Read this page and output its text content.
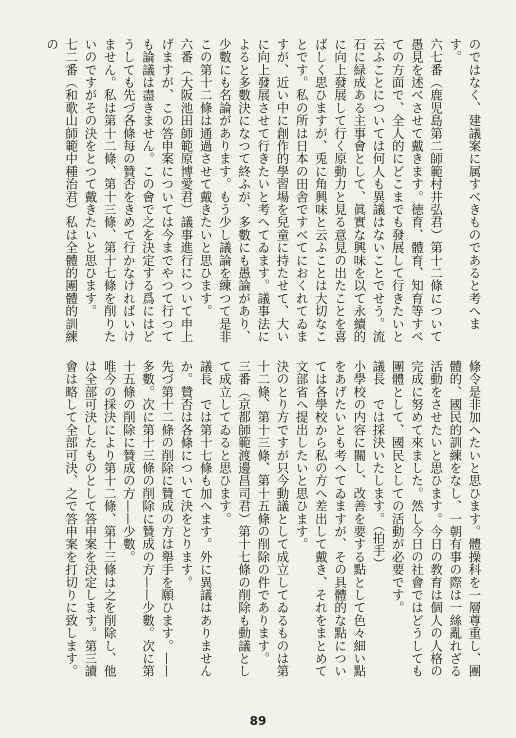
のではなく、建議案に属すべきものであると考へます。
六七番（鹿児島第二師範村井弘君）第十二條について愚見を述べさせて戴きます。徳育、體育、知育等すべての方面で、全人的にどこまでも發展して行きたいと云ふことについては何人も異議はないことでせう。流石に緑成ある主事會として、眞實な興味を以て永續的に向上發展して行く原動力と見る意見の出たことを喜ばしく思ひますが、兎に角興味と云ふことは大切なことです。私の所は日本の田舎ですべてにおくれてゐますが、近い中に創作的學習場を兒童に持たせて、大いに向上發展させて行きたいと考へてゐます。議事法によると多數決になつて終ふが、多數にも愚論があり、少數にも名論があります。もう少し議論を練つて是非この第十二條は通過させて戴きたいと思ひます。
六番（大阪池田師範原博愛君）議事進行について申上げますが、この答申案については今までやつて行つても論議は盡きません。この會で之を決定する爲にはどうしても先づ各條每の贊否をきめて行かなければいけません。私は第十二條、第十三條、第十七條を削りたいのですがその決をとつて戴きたいと思ひます。
七二番（和歌山師範中種治君）私は全體的團體的訓練の
條令是非加へたいと思ひます。體操科を一層尊重し、團體的、國民的訓練をなし、一朝有事の際は一絲亂れざる活動をさせたいと思ひます。今日の教育は個人の人格の完成に努めて來ました。然し今日の社會ではどうしても團體として、國民としての活動が必要です。
議長　では採決いたします。（拍手）
小學校の内容に關し、改善を要する點として色々細い點をあげたいとも考へてゐますが、その具體的な點については各學校から私の方へ差出して戴き、それをまとめて文部省へ提出したいと思ひます。
決のとり方ですが只今動議として成立してゐるものは第十二條、第十三條、第十五條の削除の件であります。
三番（京都師範渡邊昌司君）第十七條の削除も動議として成立してゐると思ひます。
議長　では第十七條も加へます。外に異議はありませんか。贊否は各條について決をとります。
先づ第十二條の削除に贊成の方は舉手を願ひます。——多數。次に第十三條の削除に贊成の方——少數。次に第十五條の削除に贊成の方——少數。
唯今の採決により第十二條、第十三條は之を削除し、他は全部可決したものとして答申案を決定します。第三讀會は略して全部可決、之で答申案を打切りに致します。
89
